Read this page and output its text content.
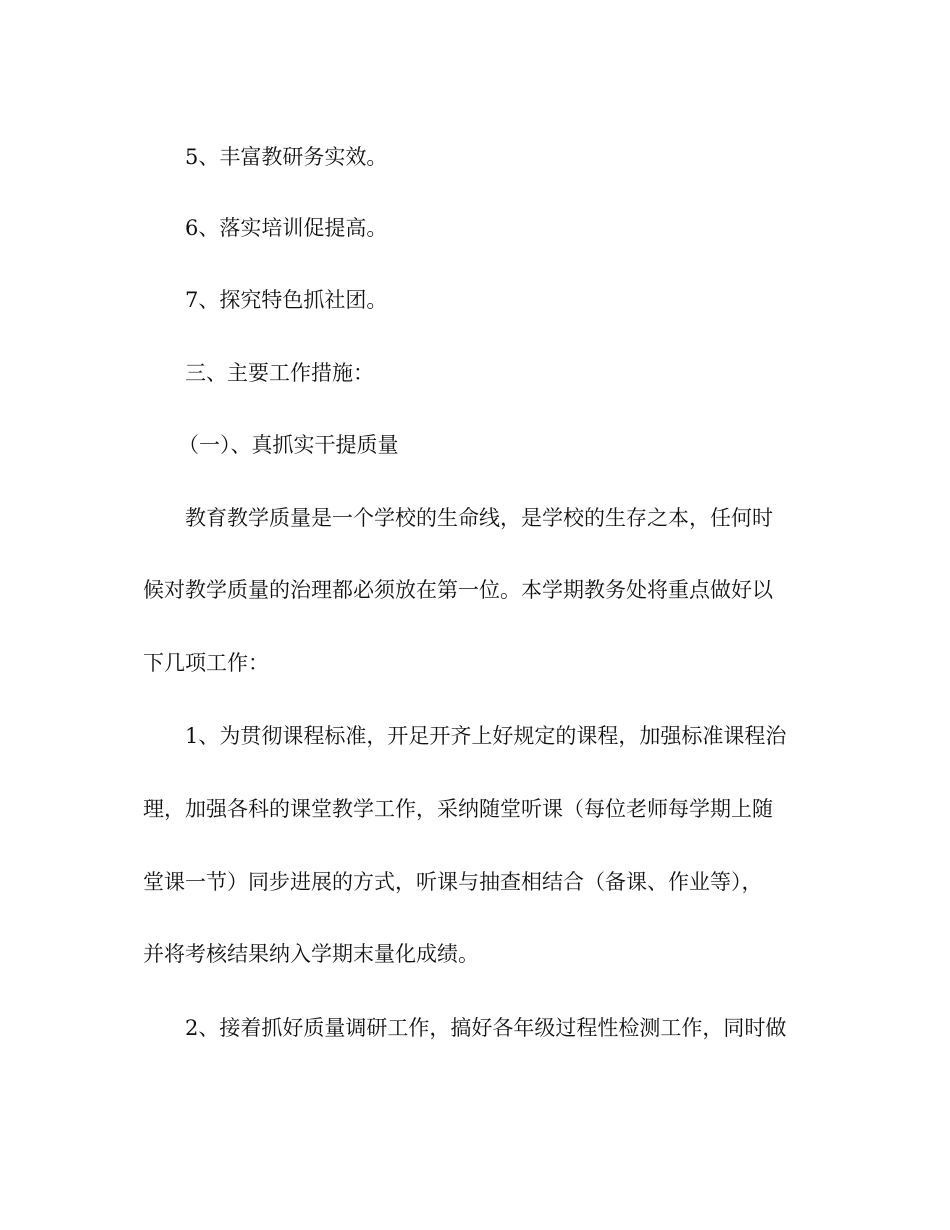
5、丰富教研务实效。
6、落实培训促提高。
7、探究特色抓社团。
三、主要工作措施：
（一）、真抓实干提质量
教育教学质量是一个学校的生命线，是学校的生存之本，任何时
候对教学质量的治理都必须放在第一位。本学期教务处将重点做好以
下几项工作：
1、为贯彻课程标准，开足开齐上好规定的课程，加强标准课程治
理，加强各科的课堂教学工作，采纳随堂听课（每位老师每学期上随
堂课一节）同步进展的方式，听课与抽查相结合（备课、作业等），
并将考核结果纳入学期末量化成绩。
2、接着抓好质量调研工作，搞好各年级过程性检测工作，同时做
